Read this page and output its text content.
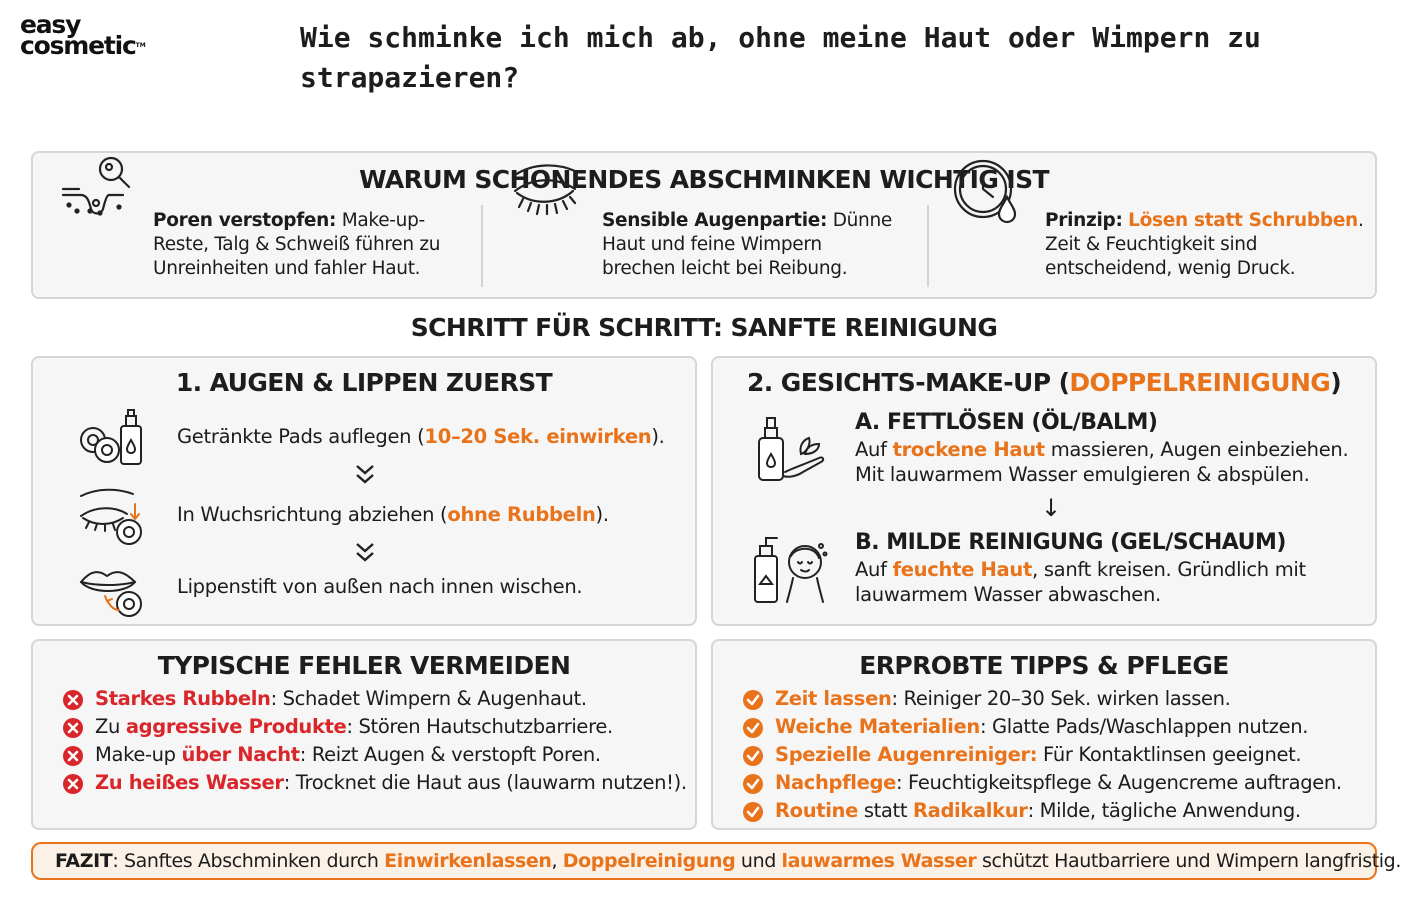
easy
cosmetic™	Wie schminke ich mich ab, ohne meine Haut oder Wimpern zu strapazieren?
WARUM SCHONENDES ABSCHMINKEN WICHTIG IST
Poren verstopfen: Make-up-
Reste, Talg & Schweiß führen zu
Unreinheiten und fahler Haut.
Sensible Augenpartie: Dünne
Haut und feine Wimpern
brechen leicht bei Reibung.
Prinzip: Lösen statt Schrubben.
Zeit & Feuchtigkeit sind
entscheidend, wenig Druck.
SCHRITT FÜR SCHRITT: SANFTE REINIGUNG
1. AUGEN & LIPPEN ZUERST
Getränkte Pads auflegen (10–20 Sek. einwirken).
In Wuchsrichtung abziehen (ohne Rubbeln).
Lippenstift von außen nach innen wischen.
2. GESICHTS-MAKE-UP (DOPPELREINIGUNG)
A. FETTLÖSEN (ÖL/BALM)
Auf trockene Haut massieren, Augen einbeziehen.
Mit lauwarmem Wasser emulgieren & abspülen.
↓
B. MILDE REINIGUNG (GEL/SCHAUM)
Auf feuchte Haut, sanft kreisen. Gründlich mit
lauwarmem Wasser abwaschen.
TYPISCHE FEHLER VERMEIDEN
Starkes Rubbeln: Schadet Wimpern & Augenhaut.
Zu aggressive Produkte: Stören Hautschutzbarriere.
Make-up über Nacht: Reizt Augen & verstopft Poren.
Zu heißes Wasser: Trocknet die Haut aus (lauwarm nutzen!).
ERPROBTE TIPPS & PFLEGE
Zeit lassen: Reiniger 20–30 Sek. wirken lassen.
Weiche Materialien: Glatte Pads/Waschlappen nutzen.
Spezielle Augenreiniger: Für Kontaktlinsen geeignet.
Nachpflege: Feuchtigkeitspflege & Augencreme auftragen.
Routine statt Radikalkur: Milde, tägliche Anwendung.
FAZIT: Sanftes Abschminken durch Einwirkenlassen, Doppelreinigung und lauwarmes Wasser schützt Hautbarriere und Wimpern langfristig.
